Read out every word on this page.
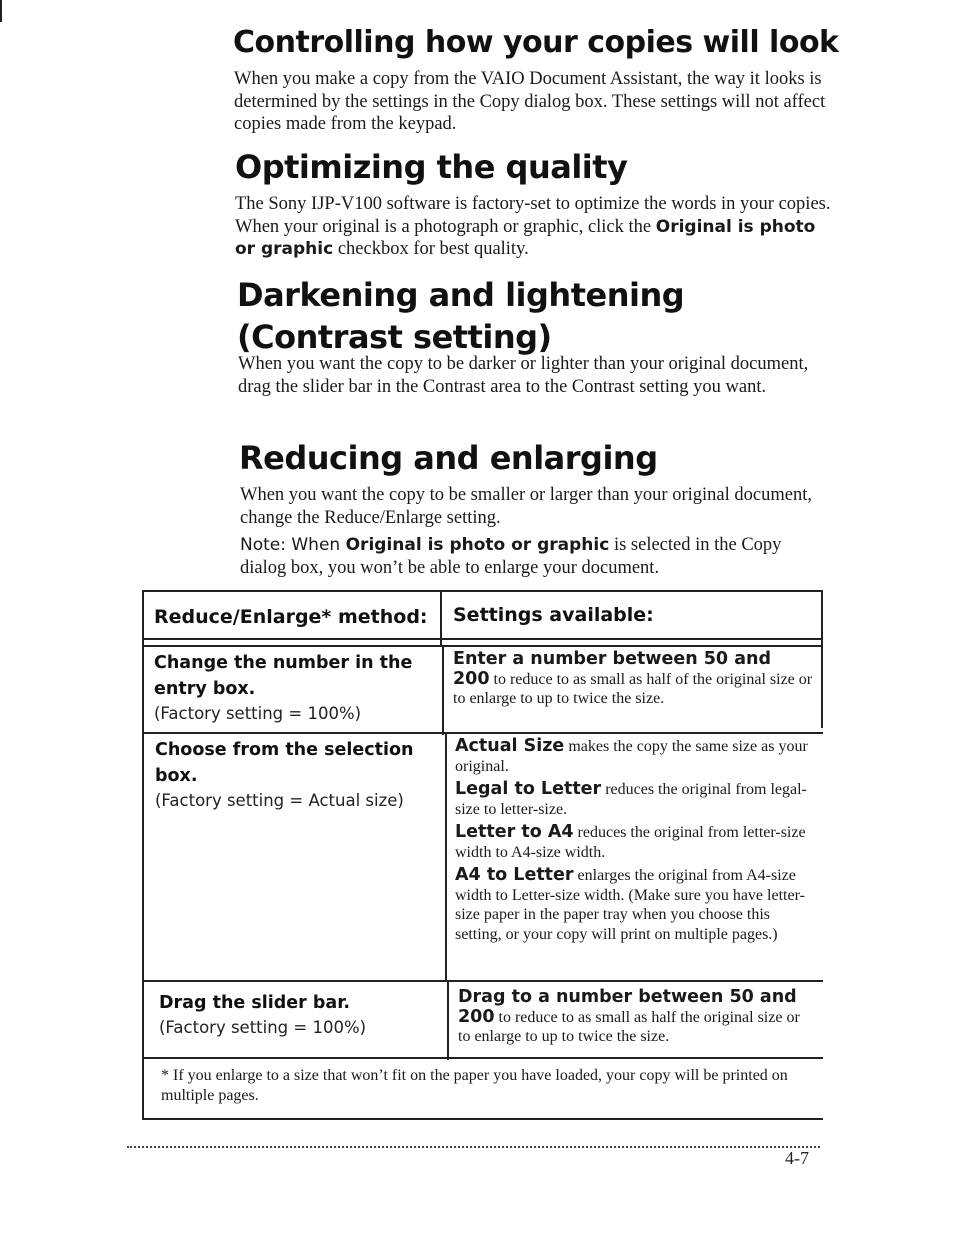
Controlling how your copies will look

When you make a copy from the VAIO Document Assistant, the way it looks is determined by the settings in the Copy dialog box. These settings will not affect copies made from the keypad.

Optimizing the quality

The Sony IJP-V100 software is factory-set to optimize the words in your copies. When your original is a photograph or graphic, click the Original is photo or graphic checkbox for best quality.

Darkening and lightening
(Contrast setting)

When you want the copy to be darker or lighter than your original document, drag the slider bar in the Contrast area to the Contrast setting you want.

Reducing and enlarging

When you want the copy to be smaller or larger than your original document, change the Reduce/Enlarge setting.

Note: When Original is photo or graphic is selected in the Copy dialog box, you won’t be able to enlarge your document.

Reduce/Enlarge* method: Settings available:
Change the number in the entry box.
(Factory setting = 100%)
Enter a number between 50 and 200 to reduce to as small as half of the original size or to enlarge to up to twice the size.
Choose from the selection box.
(Factory setting = Actual size)
Actual Size makes the copy the same size as your original.
Legal to Letter reduces the original from legal-size to letter-size.
Letter to A4 reduces the original from letter-size width to A4-size width.
A4 to Letter enlarges the original from A4-size width to Letter-size width. (Make sure you have letter-size paper in the paper tray when you choose this setting, or your copy will print on multiple pages.)
Drag the slider bar.
(Factory setting = 100%)
Drag to a number between 50 and 200 to reduce to as small as half the original size or to enlarge to up to twice the size.
* If you enlarge to a size that won’t fit on the paper you have loaded, your copy will be printed on multiple pages.
4-7
